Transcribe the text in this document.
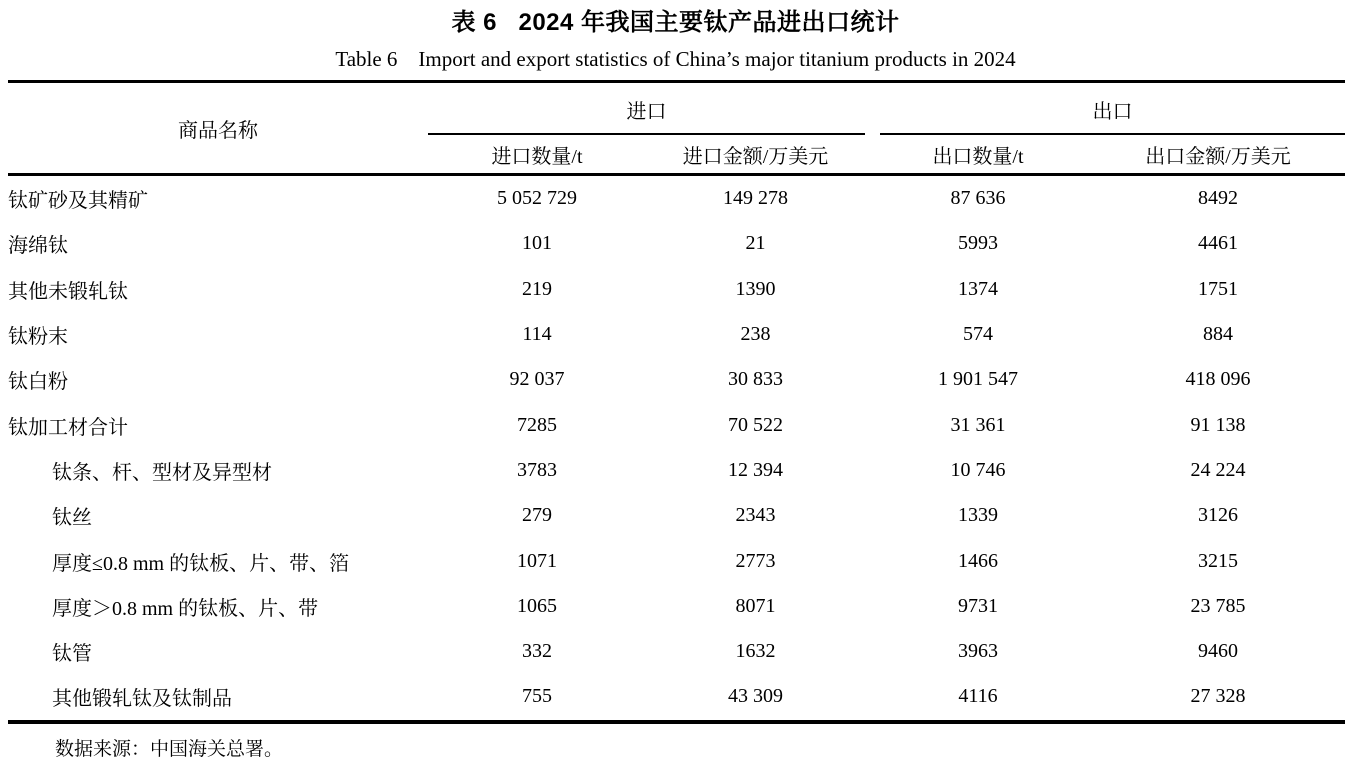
表 6   2024 年我国主要钛产品进出口统计
Table 6    Import and export statistics of China’s major titanium products in 2024
商品名称	进口		出口	

	进口数量/t	进口金额/万美元	出口数量/t	出口金额/万美元
钛矿砂及其精矿	5 052 729	149 278	87 636	8492
海绵钛	101	21	5993	4461
其他未锻轧钛	219	1390	1374	1751
钛粉末	114	238	574	884
钛白粉	92 037	30 833	1 901 547	418 096
钛加工材合计	7285	70 522	31 361	91 138
钛条、杆、型材及异型材	3783	12 394	10 746	24 224
钛丝	279	2343	1339	3126
厚度≤0.8 mm 的钛板、片、带、箔	1071	2773	1466	3215
厚度＞0.8 mm 的钛板、片、带	1065	8071	9731	23 785
钛管	332	1632	3963	9460
其他锻轧钛及钛制品	755	43 309	4116	27 328
数据来源：中国海关总署。
